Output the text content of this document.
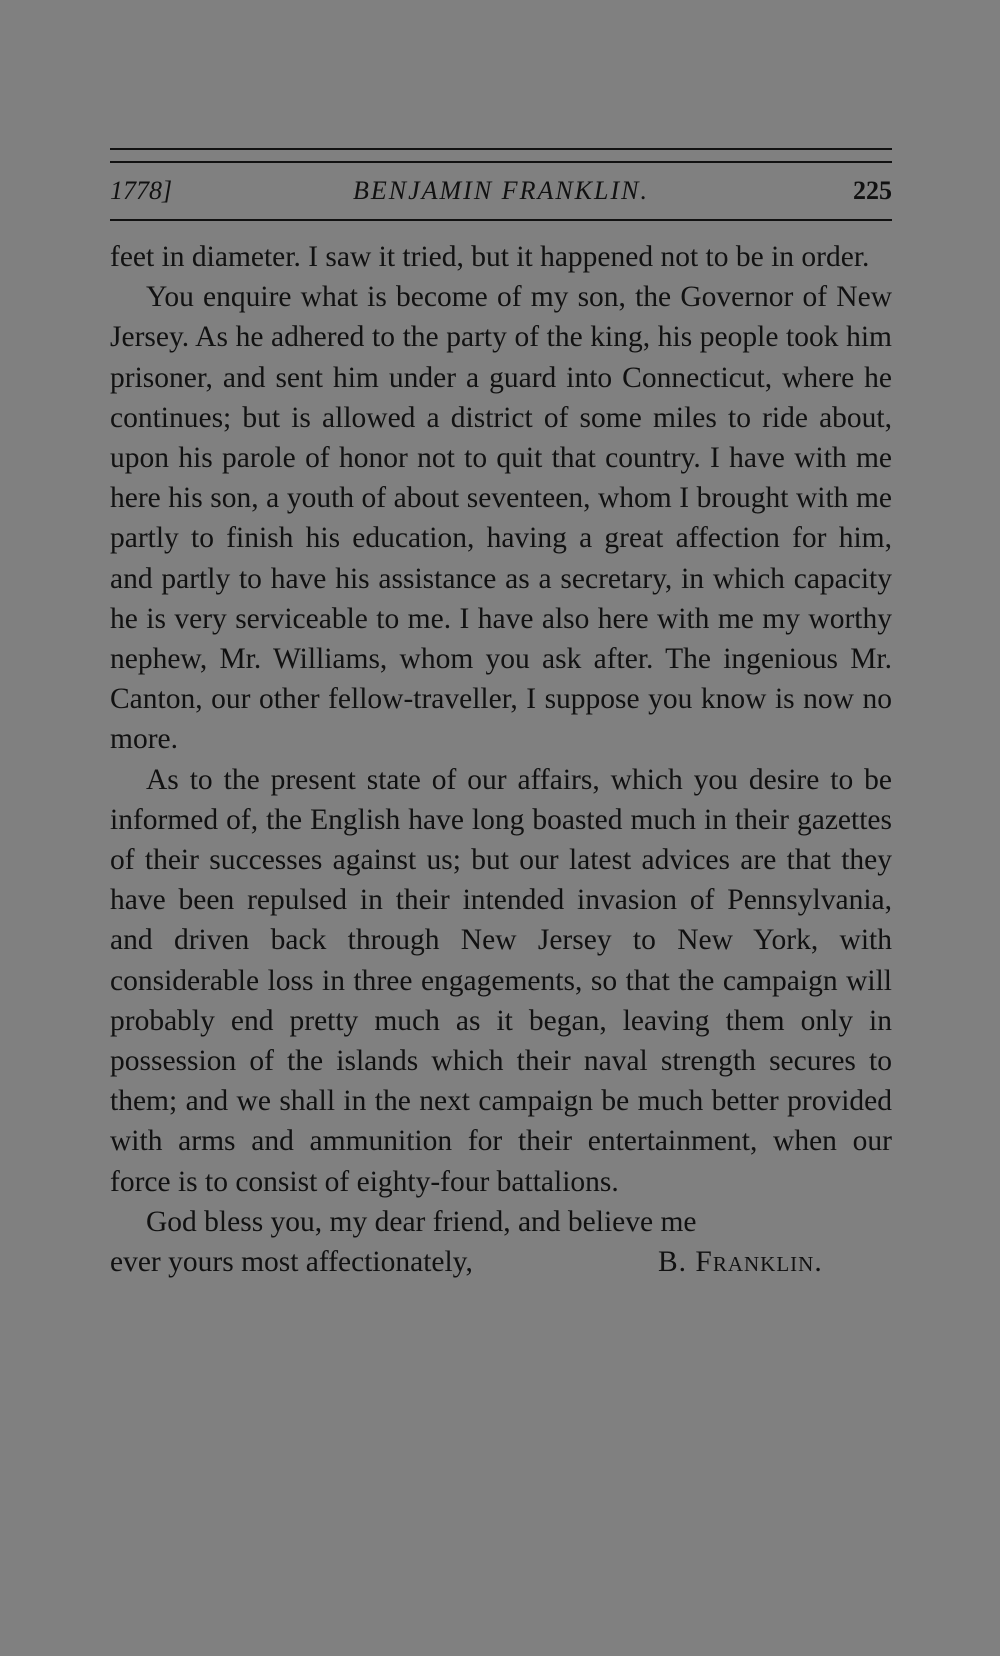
1778]	BENJAMIN FRANKLIN.	225

feet in diameter. I saw it tried, but it happened not to be in order.

You enquire what is become of my son, the Governor of New Jersey. As he adhered to the party of the king, his people took him prisoner, and sent him under a guard into Connecticut, where he continues; but is allowed a district of some miles to ride about, upon his parole of honor not to quit that country. I have with me here his son, a youth of about seventeen, whom I brought with me partly to finish his education, having a great affection for him, and partly to have his assistance as a secretary, in which capacity he is very serviceable to me. I have also here with me my worthy nephew, Mr. Williams, whom you ask after. The ingenious Mr. Canton, our other fellow-traveller, I suppose you know is now no more.

As to the present state of our affairs, which you desire to be informed of, the English have long boasted much in their gazettes of their successes against us; but our latest advices are that they have been repulsed in their intended invasion of Pennsylvania, and driven back through New Jersey to New York, with considerable loss in three engagements, so that the campaign will probably end pretty much as it began, leaving them only in possession of the islands which their naval strength secures to them; and we shall in the next campaign be much better provided with arms and ammunition for their entertainment, when our force is to consist of eighty-four battalions.

God bless you, my dear friend, and believe me

ever yours most affectionately,	B. Franklin.
